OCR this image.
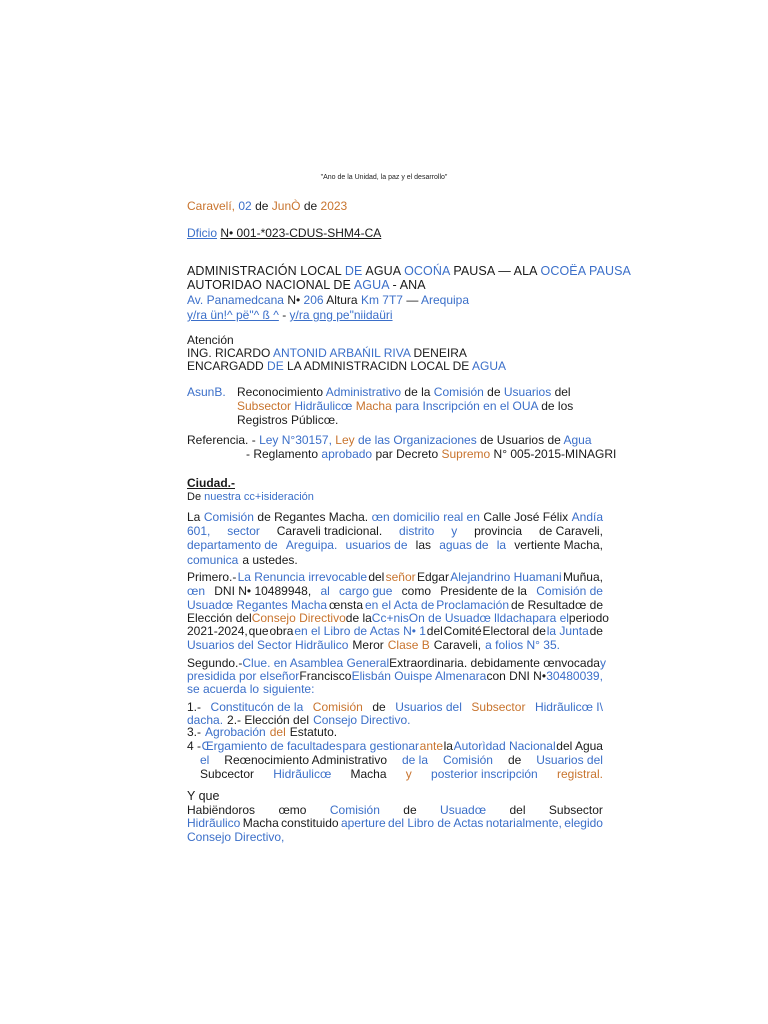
"Ano de la Unidad, la paz y el desarrollo"
Caravelí, 02 de JunÒ de 2023
Dficio N• 001-*023-CDUS-SHM4-CA
ADMINISTRACIÓN LOCAL DE AGUA OCOŃA PAUSA — ALA OCOËA PAUSA
AUTORIDAO NACIONAL DE AGUA - ANA
Av. Panamedcana N• 206 Altura Km 7T7 — Arequipa
y/ra ün!^ pë"^ ß ^ - y/ra gng pe"niidaüri
Atención
ING. RICARDO ANTONID ARBAŃIL RIVA DENEIRA
ENCARGADD DE LA ADMINISTRACIDN LOCAL DE AGUA
AsunB. Reconocimiento Administrativo de la Comisión de Usuarios del
Subsector Hidrãulicœ Macha para Inscripción en el OUA de los
Registros Públicœ.
Referencia. - Ley N°30157, Ley de las Organizaciones de Usuarios de Agua
- Reglamento aprobado par Decreto Supremo N° 005-2015-MINAGRI
Ciudad.-
De nuestra cc+isideración
La Comisión de Regantes Macha. œn domicilio real en Calle José Félix Andía
601, sector Caraveli tradicional. distrito y provincia de Caraveli,
departamento de Areguipa. usuarios de las aguas de la vertiente Macha,
comunica a ustedes.
Primero.- La Renuncia irrevocable del señor Edgar Alejandrino Huamani Muñua,
œn DNI N• 10489948, al cargo gue como Presidente de la Comisión de
Usuadœ Regantes Macha œnsta en el Acta de Proclamación de Resultadœ de
Elección del Consejo Directivo de la Cc+nisOn de Usuadœ lldacha para el periodo
2021-2024, que obra en el Libro de Actas N• 1 del Comité Electoral de la Junta de
Usuarios del Sector Hidrãulico Meror Clase B Caraveli, a folios N° 35.
Segundo.- Clue. en Asamblea General Extraordinaria. debidamente œnvocada y
presidida por el señor Francisco Elisbán Ouispe Almenara con DNI N• 30480039,
se acuerda lo siguiente:
1.- Constitucón de la Comisión de Usuarios del Subsector Hidrãulicœ I\
dacha. 2.- Elección del Consejo Directivo.
3.- Agrobación del Estatuto.
4 - Œrgamiento de facultades para gestionar ante la Autorìdad Nacional del Agua
el Reœnocimiento Administrativo de la Comisión de Usuarios del
Subcector Hidrãulicœ Macha y posterior inscripción registral.
Habiëndoros œmo Comisión de Usuadœ del Subsector
Hidrãulico Macha constituido aperture del Libro de Actas notarialmente, elegido
Consejo Directivo,
Y que
